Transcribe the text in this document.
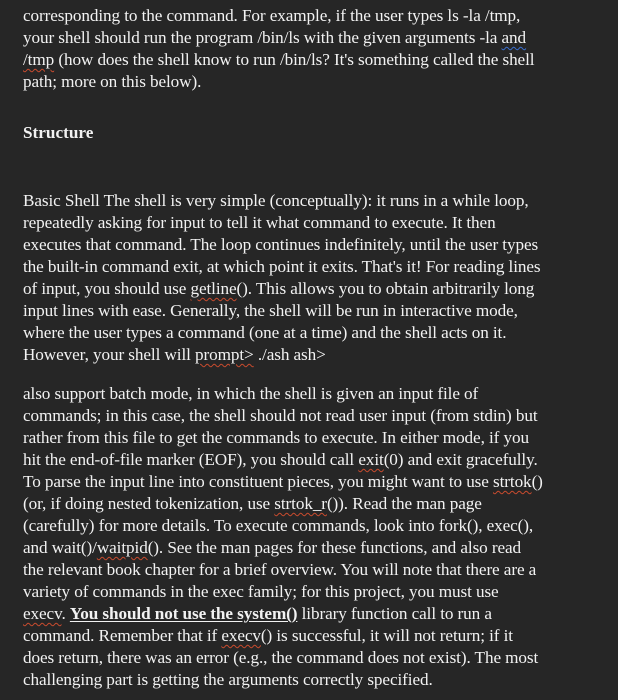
corresponding to the command. For example, if the user types ls -la /tmp,
your shell should run the program /bin/ls with the given arguments -la and
/tmp (how does the shell know to run /bin/ls? It's something called the shell
path; more on this below).

Structure

Basic Shell The shell is very simple (conceptually): it runs in a while loop,
repeatedly asking for input to tell it what command to execute. It then
executes that command. The loop continues indefinitely, until the user types
the built-in command exit, at which point it exits. That's it! For reading lines
of input, you should use getline(). This allows you to obtain arbitrarily long
input lines with ease. Generally, the shell will be run in interactive mode,
where the user types a command (one at a time) and the shell acts on it.
However, your shell will prompt> ./ash ash>

also support batch mode, in which the shell is given an input file of
commands; in this case, the shell should not read user input (from stdin) but
rather from this file to get the commands to execute. In either mode, if you
hit the end-of-file marker (EOF), you should call exit(0) and exit gracefully.
To parse the input line into constituent pieces, you might want to use strtok()
(or, if doing nested tokenization, use strtok_r()). Read the man page
(carefully) for more details. To execute commands, look into fork(), exec(),
and wait()/waitpid(). See the man pages for these functions, and also read
the relevant book chapter for a brief overview. You will note that there are a
variety of commands in the exec family; for this project, you must use
execv. You should not use the system() library function call to run a
command. Remember that if execv() is successful, it will not return; if it
does return, there was an error (e.g., the command does not exist). The most
challenging part is getting the arguments correctly specified.
